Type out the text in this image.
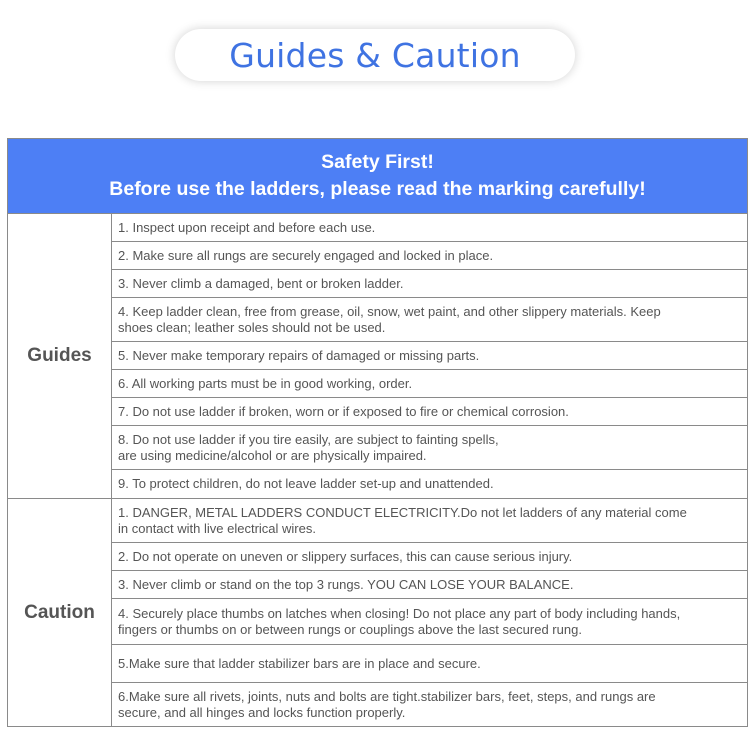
Guides & Caution
Safety First!
Before use the ladders, please read the marking carefully!
Guides
1. Inspect upon receipt and before each use.
2. Make sure all rungs are securely engaged and locked in place.
3. Never climb a damaged, bent or broken ladder.
4. Keep ladder clean, free from grease, oil, snow, wet paint, and other slippery materials. Keep
shoes clean; leather soles should not be used.
5. Never make temporary repairs of damaged or missing parts.
6. All working parts must be in good working, order.
7. Do not use ladder if broken, worn or if exposed to fire or chemical corrosion.
8. Do not use ladder if you tire easily, are subject to fainting spells,
are using medicine/alcohol or are physically impaired.
9. To protect children, do not leave ladder set-up and unattended.
Caution
1. DANGER, METAL LADDERS CONDUCT ELECTRICITY.Do not let ladders of any material come
in contact with live electrical wires.
2. Do not operate on uneven or slippery surfaces, this can cause serious injury.
3. Never climb or stand on the top 3 rungs. YOU CAN LOSE YOUR BALANCE.
4. Securely place thumbs on latches when closing! Do not place any part of body including hands,
fingers or thumbs on or between rungs or couplings above the last secured rung.
5.Make sure that ladder stabilizer bars are in place and secure.
6.Make sure all rivets, joints, nuts and bolts are tight.stabilizer bars, feet, steps, and rungs are
secure, and all hinges and locks function properly.
